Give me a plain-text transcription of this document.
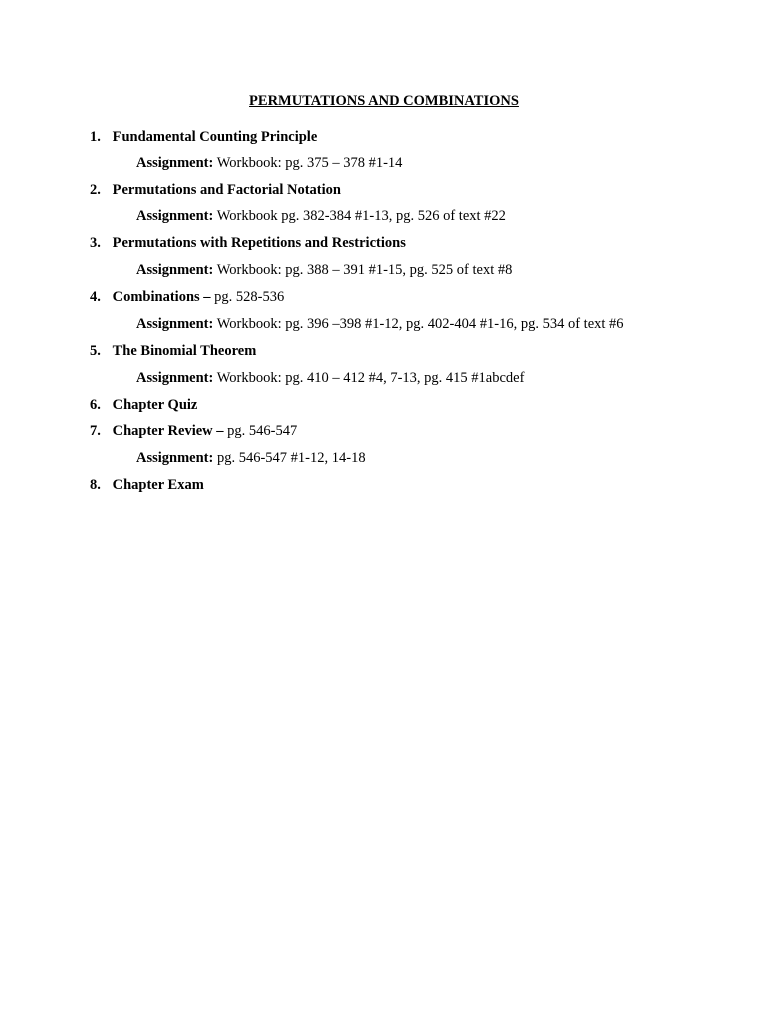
PERMUTATIONS AND COMBINATIONS
1. Fundamental Counting Principle
Assignment: Workbook: pg. 375 – 378 #1-14
2. Permutations and Factorial Notation
Assignment: Workbook pg. 382-384 #1-13, pg. 526 of text #22
3. Permutations with Repetitions and Restrictions
Assignment: Workbook: pg. 388 – 391 #1-15, pg. 525 of text #8
4. Combinations – pg. 528-536
Assignment: Workbook: pg. 396 –398 #1-12, pg. 402-404 #1-16, pg. 534 of text #6
5. The Binomial Theorem
Assignment: Workbook: pg. 410 – 412 #4, 7-13, pg. 415 #1abcdef
6. Chapter Quiz
7. Chapter Review – pg. 546-547
Assignment: pg. 546-547 #1-12, 14-18
8. Chapter Exam
